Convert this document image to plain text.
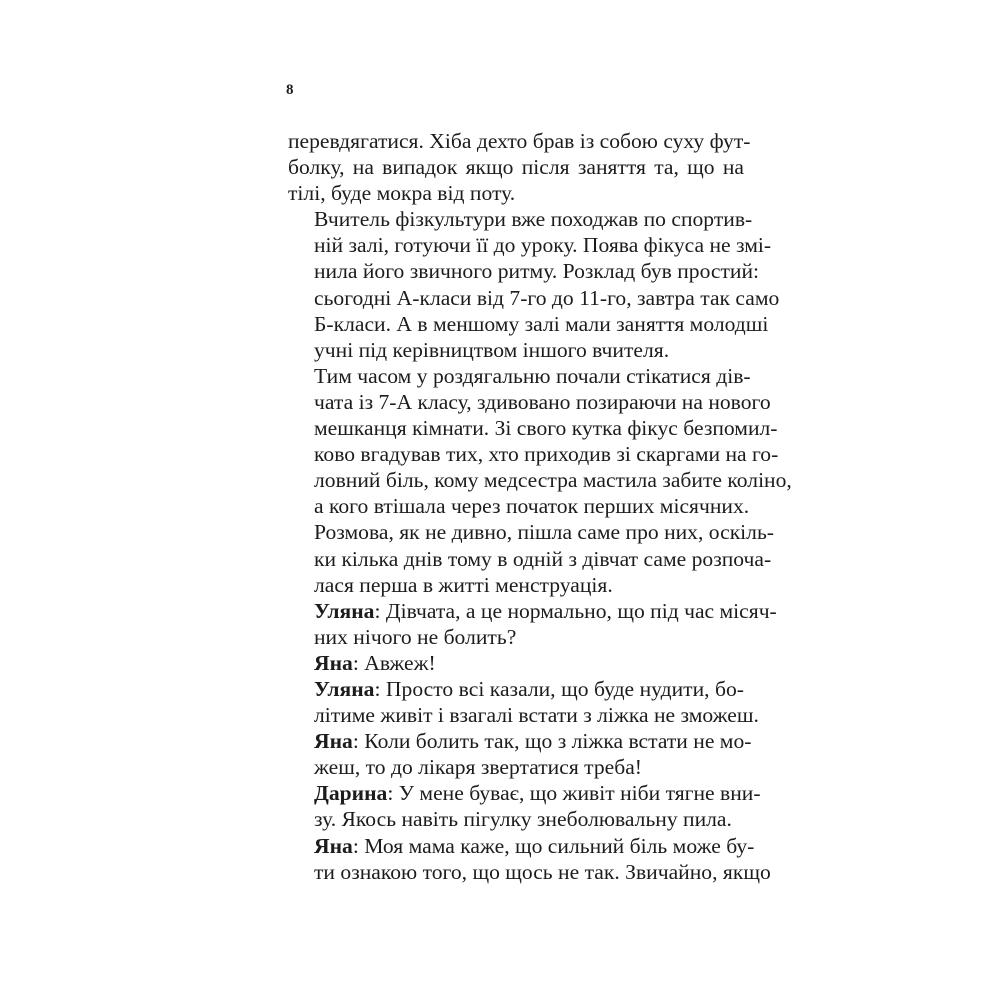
8

перевдягатися. Хіба дехто брав із собою суху фут-
болку, на випадок якщо після заняття та, що на
тілі, буде мокра від поту.

Вчитель фізкультури вже походжав по спортив-
ній залі, готуючи її до уроку. Поява фікуса не змі-
нила його звичного ритму. Розклад був простий:
сьогодні А-класи від 7-го до 11-го, завтра так само
Б-класи. А в меншому залі мали заняття молодші
учні під керівництвом іншого вчителя.

Тим часом у роздягальню почали стікатися дів-
чата із 7-А класу, здивовано позираючи на нового
мешканця кімнати. Зі свого кутка фікус безпомил-
ково вгадував тих, хто приходив зі скаргами на го-
ловний біль, кому медсестра мастила забите коліно,
а кого втішала через початок перших місячних.

Розмова, як не дивно, пішла саме про них, оскіль-
ки кілька днів тому в одній з дівчат саме розпоча-
лася перша в житті менструація.

Уляна: Дівчата, а це нормально, що під час місяч-
них нічого не болить?

Яна: Авжеж!

Уляна: Просто всі казали, що буде нудити, бо-
літиме живіт і взагалі встати з ліжка не зможеш.

Яна: Коли болить так, що з ліжка встати не мо-
жеш, то до лікаря звертатися треба!

Дарина: У мене буває, що живіт ніби тягне вни-
зу. Якось навіть пігулку знеболювальну пила.

Яна: Моя мама каже, що сильний біль може бу-
ти ознакою того, що щось не так. Звичайно, якщо
